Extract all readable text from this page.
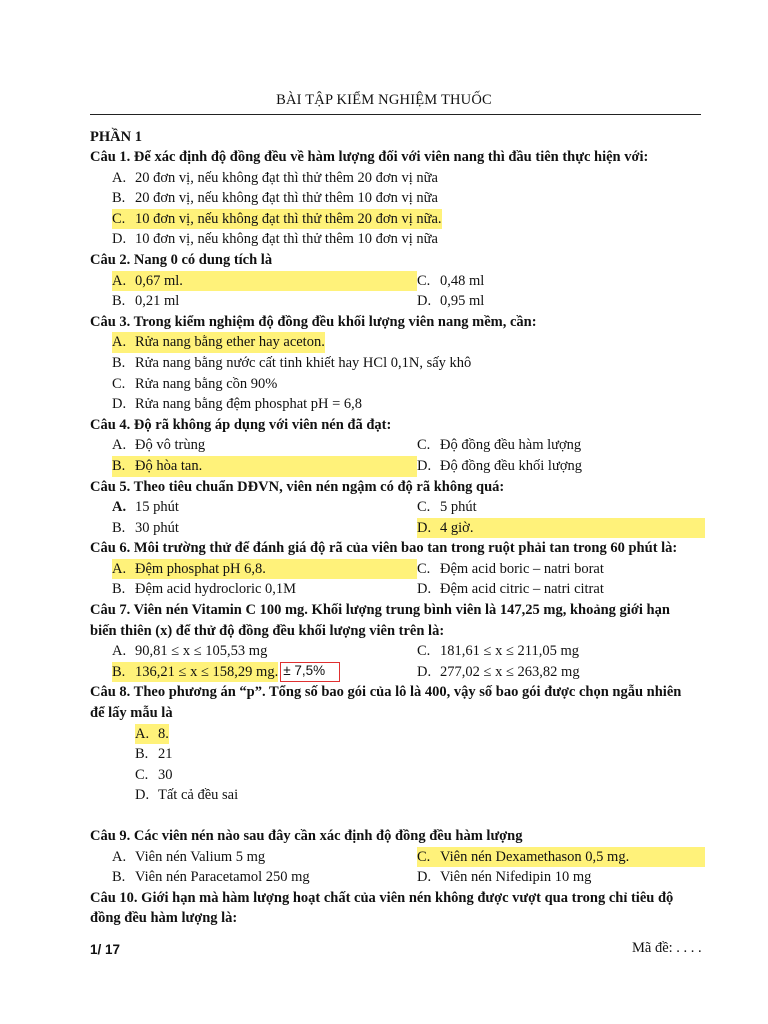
BÀI TẬP KIỂM NGHIỆM THUỐC
PHẦN 1
Câu 1. Để xác định độ đồng đều về hàm lượng đối với viên nang thì đầu tiên thực hiện với:
A. 20 đơn vị, nếu không đạt thì thử thêm 20 đơn vị nữa
B. 20 đơn vị, nếu không đạt thì thử thêm 10 đơn vị nữa
C. 10 đơn vị, nếu không đạt thì thử thêm 20 đơn vị nữa.
D. 10 đơn vị, nếu không đạt thì thử thêm 10 đơn vị nữa
Câu 2. Nang 0 có dung tích là
A. 0,67 ml.	C. 0,48 ml
B. 0,21 ml	D. 0,95 ml
Câu 3. Trong kiểm nghiệm độ đồng đều khối lượng viên nang mềm, cần:
A. Rửa nang bằng ether hay aceton.
B. Rửa nang bằng nước cất tinh khiết hay HCl 0,1N, sấy khô
C. Rửa nang bằng cồn 90%
D. Rửa nang bằng đệm phosphat pH = 6,8
Câu 4. Độ rã không áp dụng với viên nén đã đạt:
A. Độ vô trùng	C. Độ đồng đều hàm lượng
B. Độ hòa tan.	D. Độ đồng đều khối lượng
Câu 5. Theo tiêu chuẩn DĐVN, viên nén ngậm có độ rã không quá:
A. 15 phút	C. 5 phút
B. 30 phút	D. 4 giờ.
Câu 6. Môi trường thử để đánh giá độ rã của viên bao tan trong ruột phải tan trong 60 phút là:
A. Đệm phosphat pH 6,8.	C. Đệm acid boric – natri borat
B. Đệm acid hydrocloric 0,1M	D. Đệm acid citric – natri citrat
Câu 7. Viên nén Vitamin C 100 mg. Khối lượng trung bình viên là 147,25 mg, khoảng giới hạn
biến thiên (x) để thử độ đồng đều khối lượng viên trên là:
A. 90,81 ≤ x ≤ 105,53 mg	C. 181,61 ≤ x ≤ 211,05 mg
B. 136,21 ≤ x ≤ 158,29 mg. ± 7,5%	D. 277,02 ≤ x ≤ 263,82 mg
Câu 8. Theo phương án “p”. Tổng số bao gói của lô là 400, vậy số bao gói được chọn ngẫu nhiên
để lấy mẫu là
A. 8.
B. 21
C. 30
D. Tất cả đều sai
Câu 9. Các viên nén nào sau đây cần xác định độ đồng đều hàm lượng
A. Viên nén Valium 5 mg	C. Viên nén Dexamethason 0,5 mg.
B. Viên nén Paracetamol 250 mg	D. Viên nén Nifedipin 10 mg
Câu 10. Giới hạn mà hàm lượng hoạt chất của viên nén không được vượt qua trong chỉ tiêu độ
đồng đều hàm lượng là:
1/ 17	Mã đề: . . . .
